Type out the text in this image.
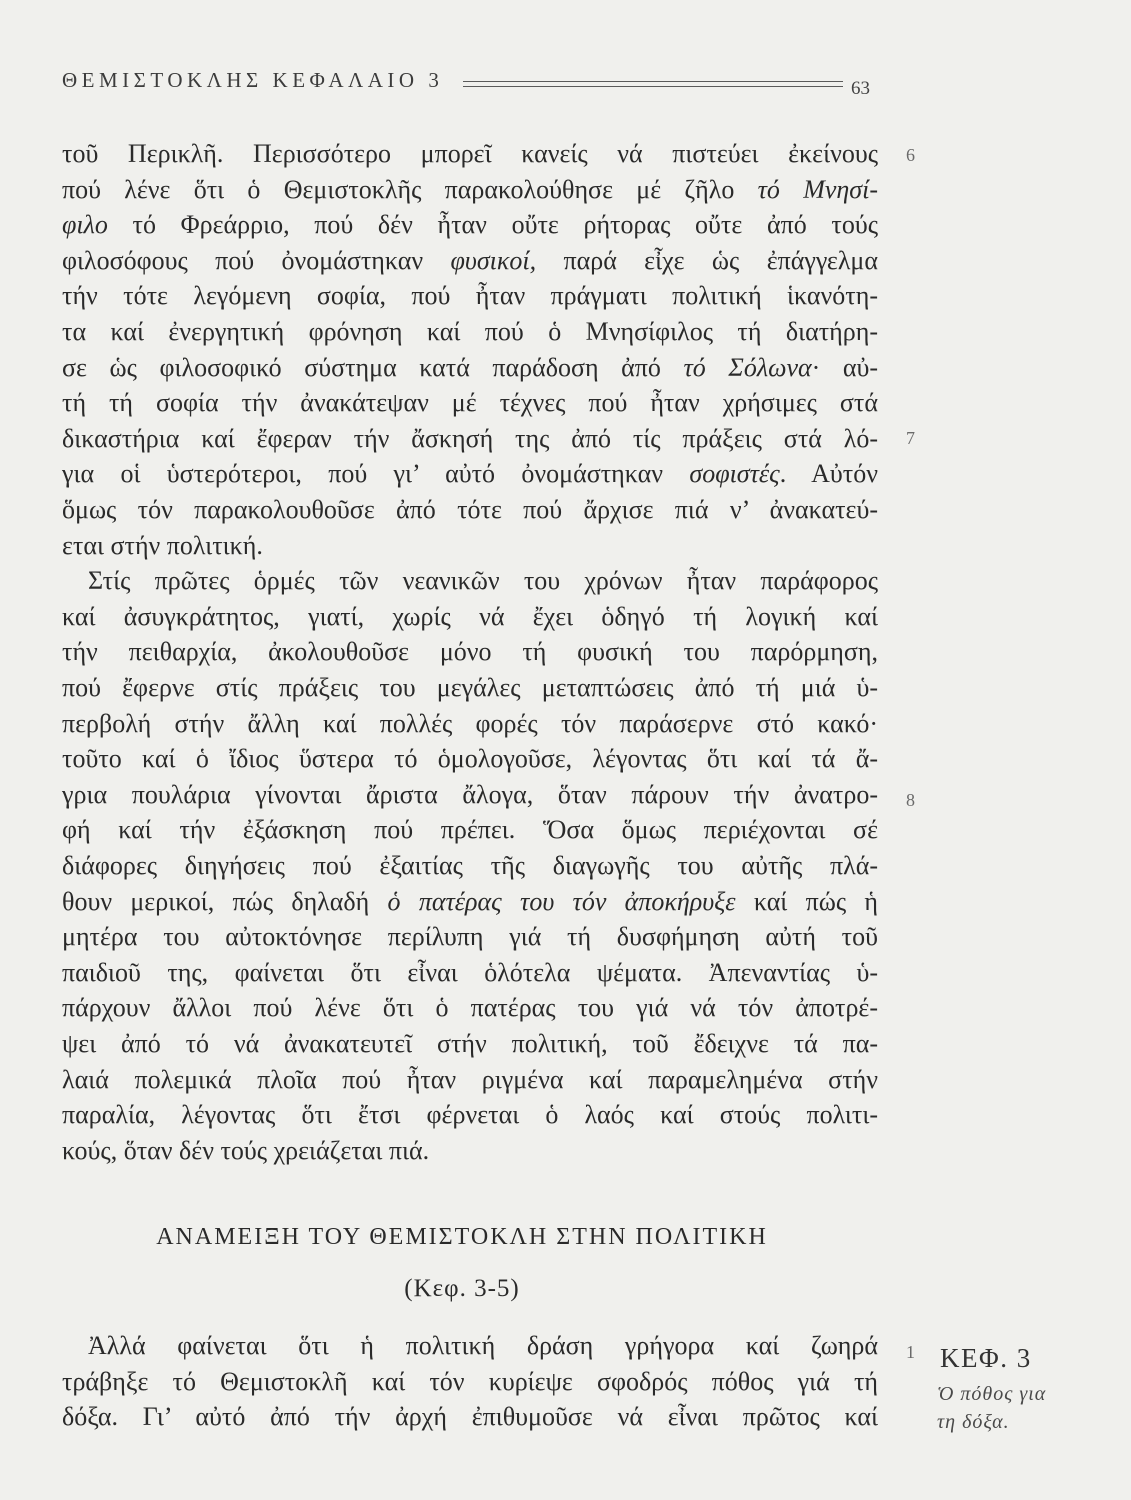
ΘΕΜΙΣΤΟΚΛΗΣ ΚΕΦΑΛΑΙΟ 3	63
6
7
8
1
τοῦ Περικλῆ. Περισσότερο μπορεῖ κανείς νά πιστεύει ἐκείνους
πού λένε ὅτι ὁ Θεμιστοκλῆς παρακολούθησε μέ ζῆλο τό Μνησί-
φιλο τό Φρεάρριο, πού δέν ἦταν οὔτε ρήτορας οὔτε ἀπό τούς
φιλοσόφους πού ὀνομάστηκαν φυσικοί, παρά εἶχε ὡς ἐπάγγελμα
τήν τότε λεγόμενη σοφία, πού ἦταν πράγματι πολιτική ἱκανότη-
τα καί ἐνεργητική φρόνηση καί πού ὁ Μνησίφιλος τή διατήρη-
σε ὡς φιλοσοφικό σύστημα κατά παράδοση ἀπό τό Σόλωνα· αὐ-
τή τή σοφία τήν ἀνακάτεψαν μέ τέχνες πού ἦταν χρήσιμες στά
δικαστήρια καί ἔφεραν τήν ἄσκησή της ἀπό τίς πράξεις στά λό-
για οἱ ὑστερότεροι, πού γι’ αὐτό ὀνομάστηκαν σοφιστές. Αὐτόν
ὅμως τόν παρακολουθοῦσε ἀπό τότε πού ἄρχισε πιά ν’ ἀνακατεύ-
εται στήν πολιτική.
Στίς πρῶτες ὁρμές τῶν νεανικῶν του χρόνων ἦταν παράφορος
καί ἀσυγκράτητος, γιατί, χωρίς νά ἔχει ὁδηγό τή λογική καί
τήν πειθαρχία, ἀκολουθοῦσε μόνο τή φυσική του παρόρμηση,
πού ἔφερνε στίς πράξεις του μεγάλες μεταπτώσεις ἀπό τή μιά ὑ-
περβολή στήν ἄλλη καί πολλές φορές τόν παράσερνε στό κακό·
τοῦτο καί ὁ ἴδιος ὕστερα τό ὁμολογοῦσε, λέγοντας ὅτι καί τά ἄ-
γρια πουλάρια γίνονται ἄριστα ἄλογα, ὅταν πάρουν τήν ἀνατρο-
φή καί τήν ἐξάσκηση πού πρέπει. Ὅσα ὅμως περιέχονται σέ
διάφορες διηγήσεις πού ἐξαιτίας τῆς διαγωγῆς του αὐτῆς πλά-
θουν μερικοί, πώς δηλαδή ὁ πατέρας του τόν ἀποκήρυξε καί πώς ἡ
μητέρα του αὐτοκτόνησε περίλυπη γιά τή δυσφήμηση αὐτή τοῦ
παιδιοῦ της, φαίνεται ὅτι εἶναι ὁλότελα ψέματα. Ἀπεναντίας ὑ-
πάρχουν ἄλλοι πού λένε ὅτι ὁ πατέρας του γιά νά τόν ἀποτρέ-
ψει ἀπό τό νά ἀνακατευτεῖ στήν πολιτική, τοῦ ἔδειχνε τά πα-
λαιά πολεμικά πλοῖα πού ἦταν ριγμένα καί παραμελημένα στήν
παραλία, λέγοντας ὅτι ἔτσι φέρνεται ὁ λαός καί στούς πολιτι-
κούς, ὅταν δέν τούς χρειάζεται πιά.
ΑΝΑΜΕΙΞΗ ΤΟΥ ΘΕΜΙΣΤΟΚΛΗ ΣΤΗΝ ΠΟΛΙΤΙΚΗ
(Κεφ. 3-5)
Ἀλλά φαίνεται ὅτι ἡ πολιτική δράση γρήγορα καί ζωηρά
τράβηξε τό Θεμιστοκλῆ καί τόν κυρίεψε σφοδρός πόθος γιά τή
δόξα. Γι’ αὐτό ἀπό τήν ἀρχή ἐπιθυμοῦσε νά εἶναι πρῶτος καί
ΚΕΦ. 3
Ὁ πόθος για
τη δόξα.
